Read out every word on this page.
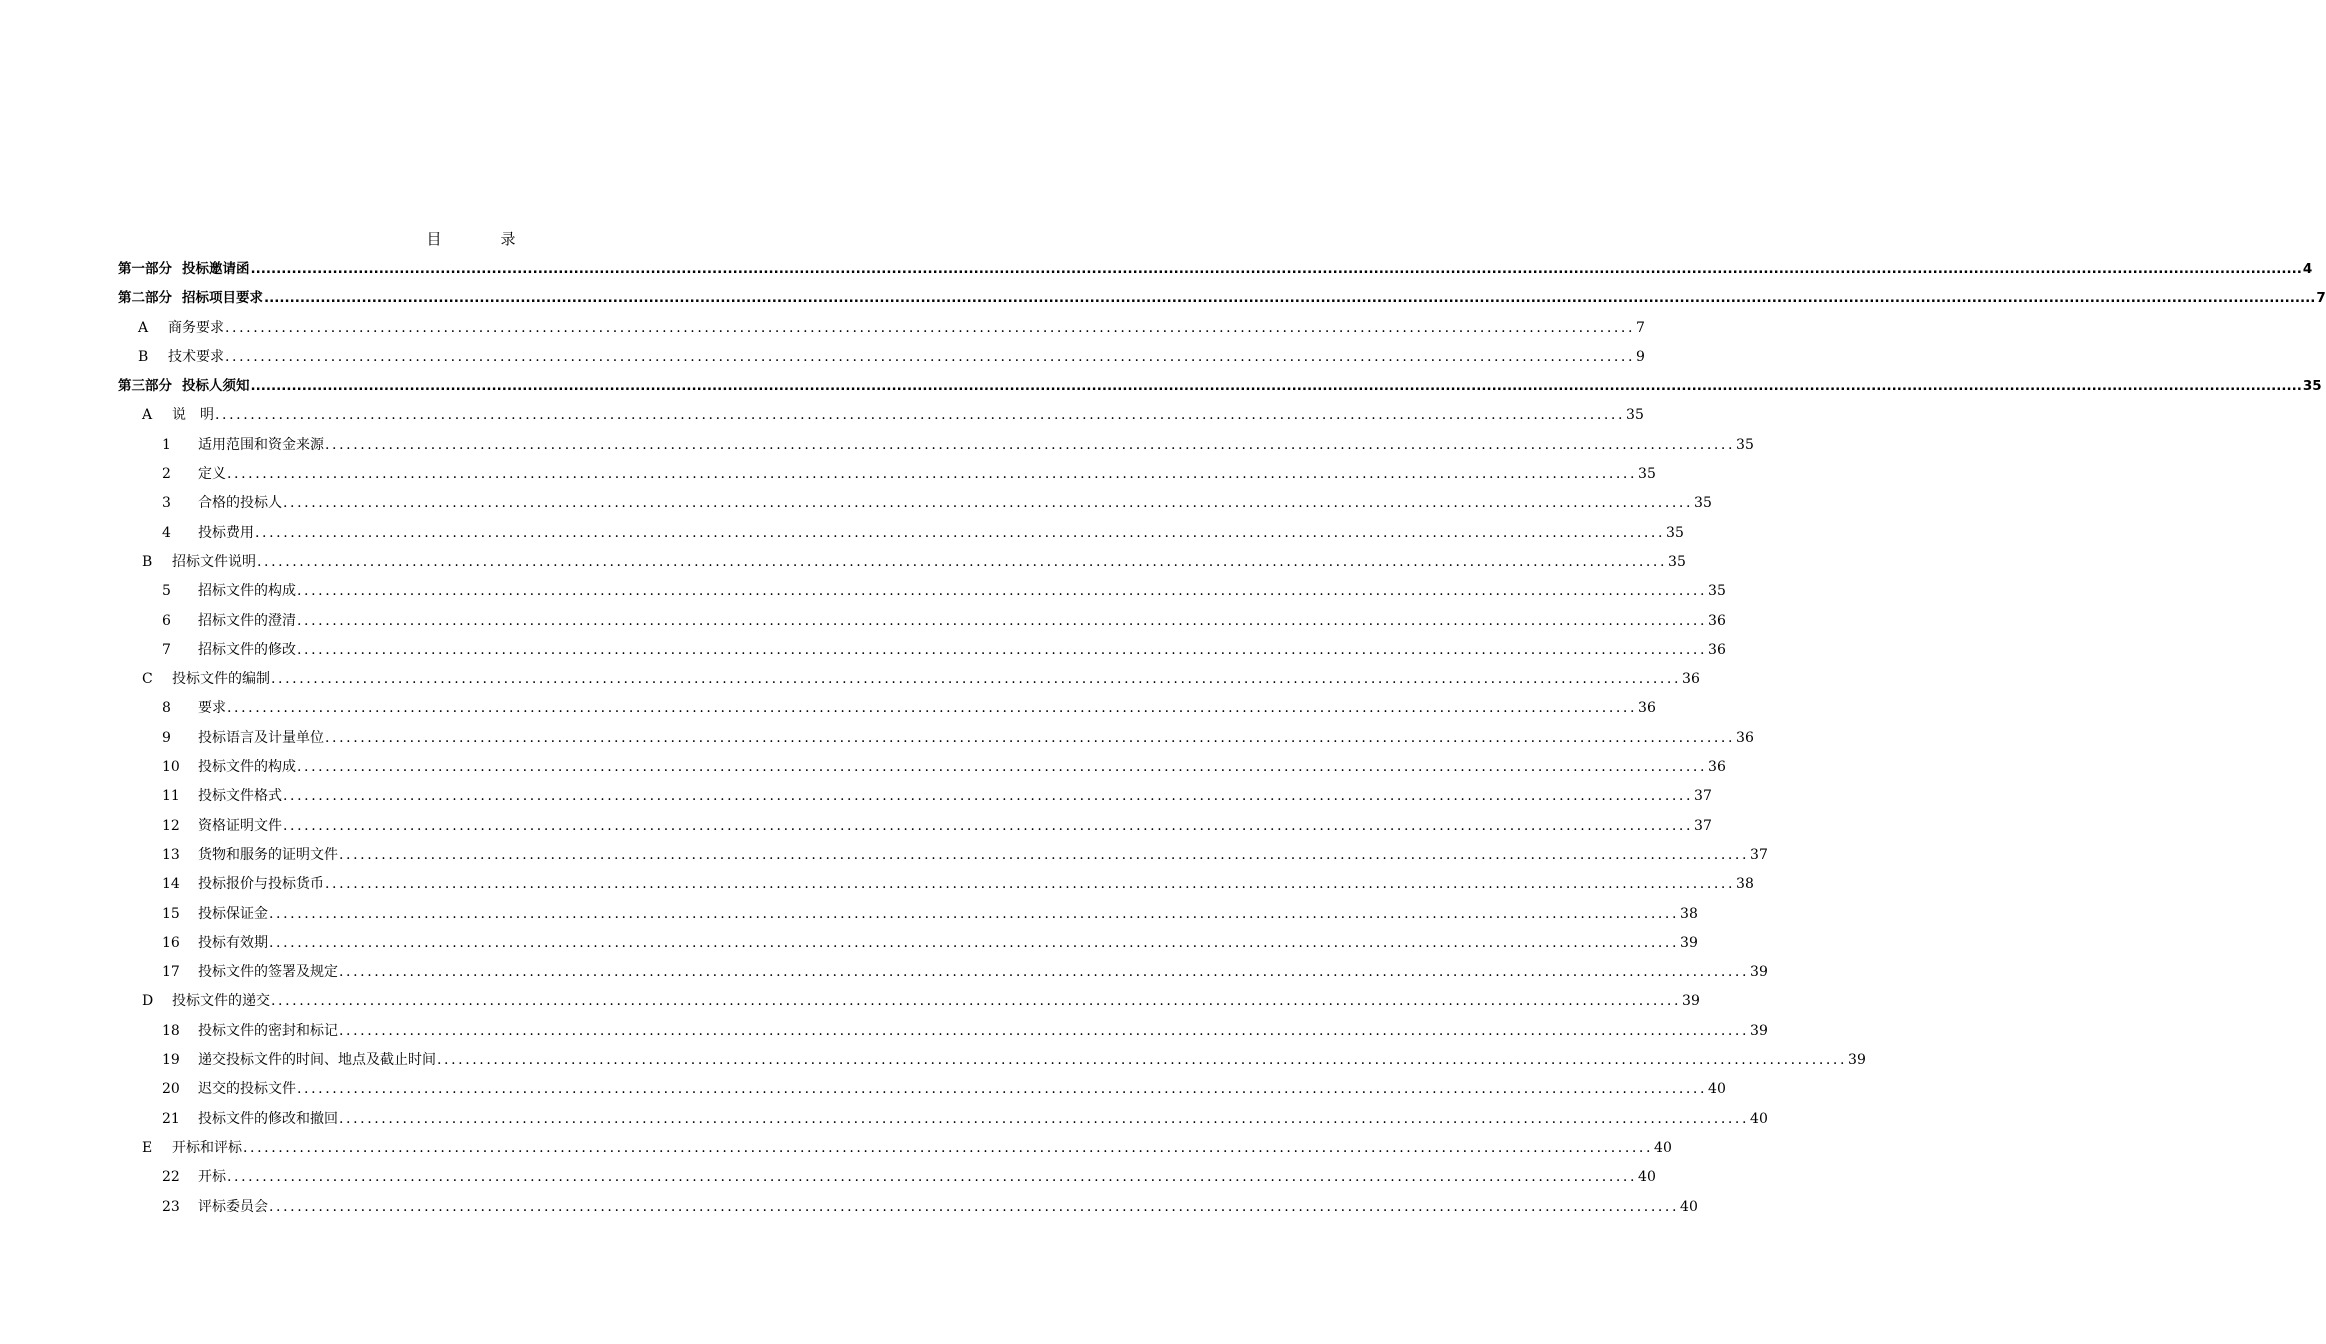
目　录
第一部分 投标邀请函 ................................................................................................................................................................................................................................................................................................................................................................................................................ 4
第二部分 招标项目要求 ................................................................................................................................................................................................................................................................................................................................................................................................................ 7
A	商务要求 ........................................................................................................................................................................................................ 7
B	技术要求 ........................................................................................................................................................................................................ 9
第三部分 投标人须知 ................................................................................................................................................................................................................................................................................................................................................................................................................ 35
A	说　明 ........................................................................................................................................................................................................ 35
1	适用范围和资金来源 ........................................................................................................................................................................................................ 35
2	定义 ........................................................................................................................................................................................................ 35
3	合格的投标人 ........................................................................................................................................................................................................ 35
4	投标费用 ........................................................................................................................................................................................................ 35
B	招标文件说明 ........................................................................................................................................................................................................ 35
5	招标文件的构成 ........................................................................................................................................................................................................ 35
6	招标文件的澄清 ........................................................................................................................................................................................................ 36
7	招标文件的修改 ........................................................................................................................................................................................................ 36
C	投标文件的编制 ........................................................................................................................................................................................................ 36
8	要求 ........................................................................................................................................................................................................ 36
9	投标语言及计量单位 ........................................................................................................................................................................................................ 36
10	投标文件的构成 ........................................................................................................................................................................................................ 36
11	投标文件格式 ........................................................................................................................................................................................................ 37
12	资格证明文件 ........................................................................................................................................................................................................ 37
13	货物和服务的证明文件 ........................................................................................................................................................................................................ 37
14	投标报价与投标货币 ........................................................................................................................................................................................................ 38
15	投标保证金 ........................................................................................................................................................................................................ 38
16	投标有效期 ........................................................................................................................................................................................................ 39
17	投标文件的签署及规定 ........................................................................................................................................................................................................ 39
D	投标文件的递交 ........................................................................................................................................................................................................ 39
18	投标文件的密封和标记 ........................................................................................................................................................................................................ 39
19	递交投标文件的时间、地点及截止时间 ........................................................................................................................................................................................................ 39
20	迟交的投标文件 ........................................................................................................................................................................................................ 40
21	投标文件的修改和撤回 ........................................................................................................................................................................................................ 40
E	开标和评标 ........................................................................................................................................................................................................ 40
22	开标 ........................................................................................................................................................................................................ 40
23	评标委员会 ........................................................................................................................................................................................................ 40
